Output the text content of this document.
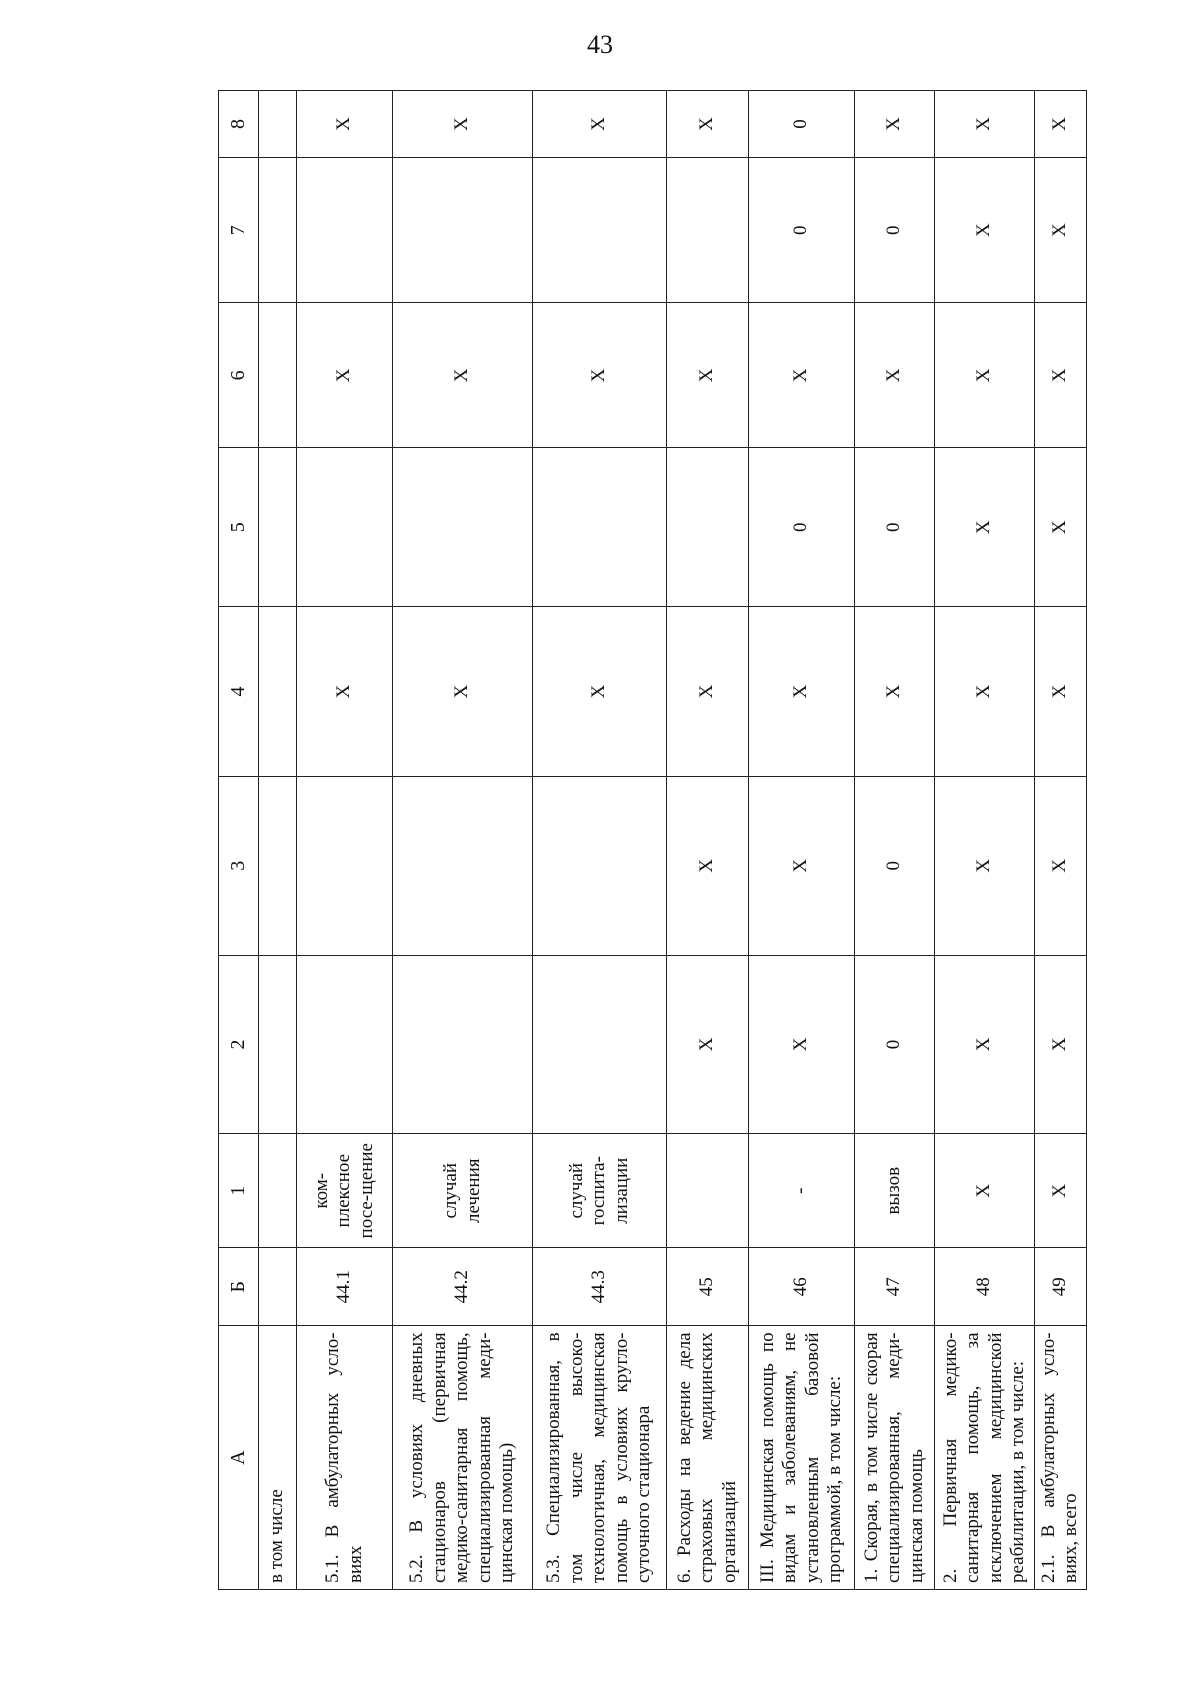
43
А	Б	1	2	3	4	5	6	7	8
в том числе									
5.1. В амбулаторных усло-виях	44.1	ком-плексное посе-щение			Х		Х		Х
5.2. В условиях дневных стационаров (первичная медико-санитарная помощь, специализированная меди-цинская помощь)	44.2	случай лечения			Х		Х		Х
5.3. Специализированная, в том числе высоко-технологичная, медицинская помощь в условиях кругло-суточного стационара	44.3	случай госпита-лизации			Х		Х		Х
6. Расходы на ведение дела страховых медицинских организаций	45		Х	Х	Х		Х		Х
III. Медицинская помощь по видам и заболеваниям, не установленным базовой программой, в том числе:	46	-	Х	Х	Х	0	Х	0	0
1. Скорая, в том числе скорая специализированная, меди-цинская помощь	47	вызов	0	0	Х	0	Х	0	Х
2. Первичная медико-санитарная помощь, за исключением медицинской реабилитации, в том числе:	48	Х	Х	Х	Х	Х	Х	Х	Х
2.1. В амбулаторных усло-виях, всего	49	Х	Х	Х	Х	Х	Х	Х	Х
